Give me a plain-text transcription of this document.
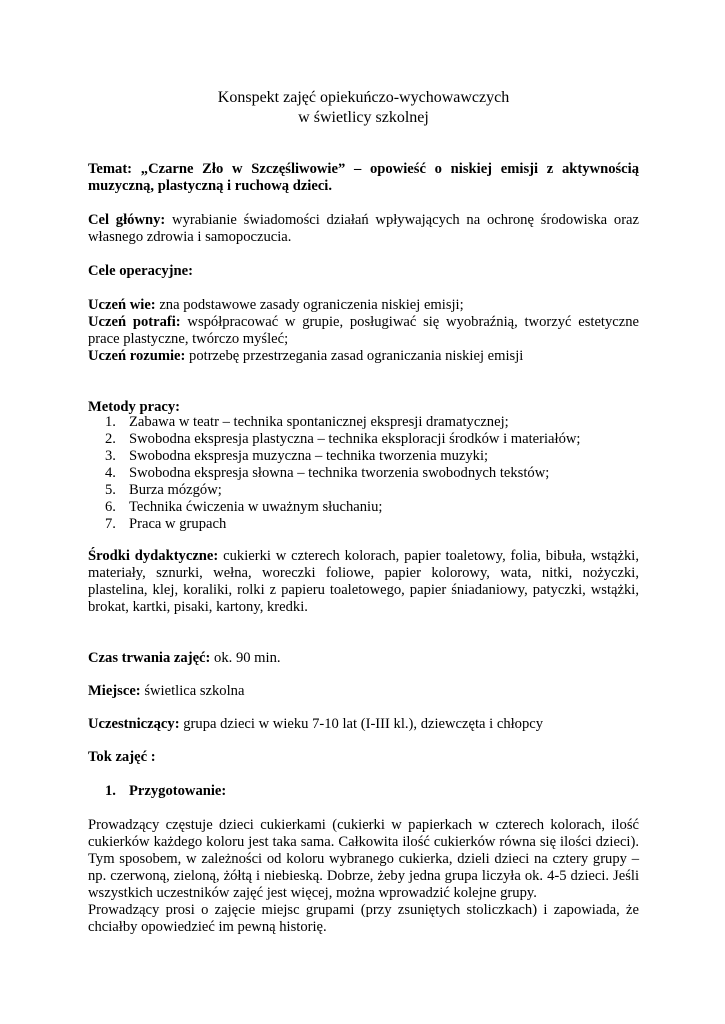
Konspekt zajęć opiekuńczo-wychowawczych
w świetlicy szkolnej
Temat: „Czarne Zło w Szczęśliwowie” – opowieść o niskiej emisji z aktywnością muzyczną, plastyczną i ruchową dzieci.
Cel główny: wyrabianie świadomości działań wpływających na ochronę środowiska oraz własnego zdrowia i samopoczucia.
Cele operacyjne:
Uczeń wie: zna podstawowe zasady ograniczenia niskiej emisji;
Uczeń potrafi: współpracować w grupie, posługiwać się wyobraźnią, tworzyć estetyczne prace plastyczne, twórczo myśleć;
Uczeń rozumie: potrzebę przestrzegania zasad ograniczania niskiej emisji
Metody pracy:
1. Zabawa w teatr – technika spontanicznej ekspresji dramatycznej;
2. Swobodna ekspresja plastyczna – technika eksploracji środków i materiałów;
3. Swobodna ekspresja muzyczna – technika tworzenia muzyki;
4. Swobodna ekspresja słowna – technika tworzenia swobodnych tekstów;
5. Burza mózgów;
6. Technika ćwiczenia w uważnym słuchaniu;
7. Praca w grupach
Środki dydaktyczne: cukierki w czterech kolorach, papier toaletowy, folia, bibuła, wstążki, materiały, sznurki, wełna, woreczki foliowe, papier kolorowy, wata, nitki, nożyczki, plastelina, klej, koraliki, rolki z papieru toaletowego, papier śniadaniowy, patyczki, wstążki, brokat, kartki, pisaki, kartony, kredki.
Czas trwania zajęć: ok. 90 min.
Miejsce: świetlica szkolna
Uczestniczący: grupa dzieci w wieku 7-10 lat (I-III kl.), dziewczęta i chłopcy
Tok zajęć :
1. Przygotowanie:
Prowadzący częstuje dzieci cukierkami (cukierki w papierkach w czterech kolorach, ilość cukierków każdego koloru jest taka sama. Całkowita ilość cukierków równa się ilości dzieci). Tym sposobem, w zależności od koloru wybranego cukierka, dzieli dzieci na cztery grupy – np. czerwoną, zieloną, żółtą i niebieską. Dobrze, żeby jedna grupa liczyła ok. 4-5 dzieci. Jeśli wszystkich uczestników zajęć jest więcej, można wprowadzić kolejne grupy.
Prowadzący prosi o zajęcie miejsc grupami (przy zsuniętych stoliczkach) i zapowiada, że chciałby opowiedzieć im pewną historię.
